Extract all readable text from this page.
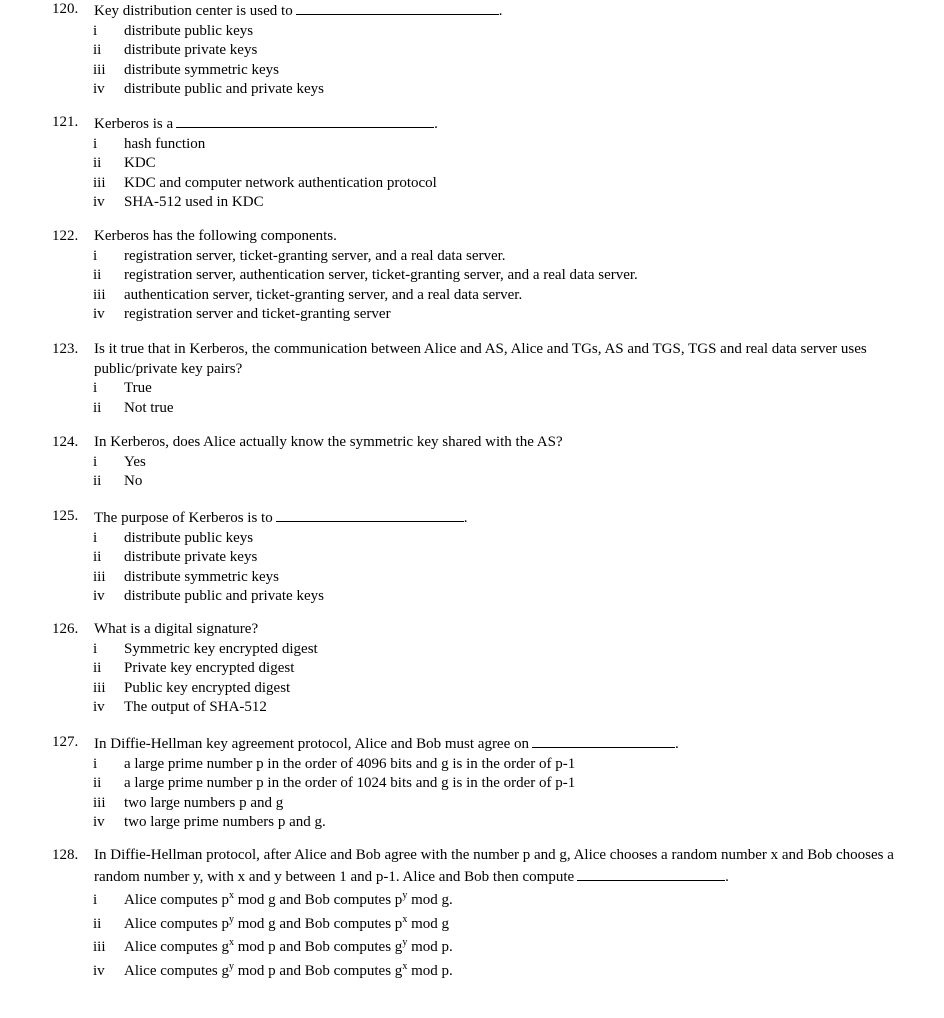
120.	Key distribution center is used to	.
i	distribute public keys
ii	distribute private keys
iii	distribute symmetric keys
iv	distribute public and private keys
121.	Kerberos is a	.
i	hash function
ii	KDC
iii	KDC and computer network authentication protocol
iv	SHA-512 used in KDC
122.	Kerberos has the following components.
i	registration server, ticket-granting server, and a real data server.
ii	registration server, authentication server, ticket-granting server, and a real data server.
iii	authentication server, ticket-granting server, and a real data server.
iv	registration server and ticket-granting server
123.	Is it true that in Kerberos, the communication between Alice and AS, Alice and TGs, AS and TGS, TGS and real data server uses public/private key pairs?
i	True
ii	Not true
124.	In Kerberos, does Alice actually know the symmetric key shared with the AS?
i	Yes
ii	No
125.	The purpose of Kerberos is to	.
i	distribute public keys
ii	distribute private keys
iii	distribute symmetric keys
iv	distribute public and private keys
126.	What is a digital signature?
i	Symmetric key encrypted digest
ii	Private key encrypted digest
iii	Public key encrypted digest
iv	The output of SHA-512
127.	In Diffie-Hellman key agreement protocol, Alice and Bob must agree on	.
i	a large prime number p in the order of 4096 bits and g is in the order of p-1
ii	a large prime number p in the order of 1024 bits and g is in the order of p-1
iii	two large numbers p and g
iv	two large prime numbers p and g.
128.	In Diffie-Hellman protocol, after Alice and Bob agree with the number p and g, Alice chooses a random number x and Bob chooses a random number y, with x and y between 1 and p-1. Alice and Bob then compute	.
i	Alice computes $p^x$ mod g and Bob computes $p^y$ mod g.
ii	Alice computes $p^y$ mod g and Bob computes $p^x$ mod g
iii	Alice computes $g^x$ mod p and Bob computes $g^y$ mod p.
iv	Alice computes $g^y$ mod p and Bob computes $g^x$ mod p.
